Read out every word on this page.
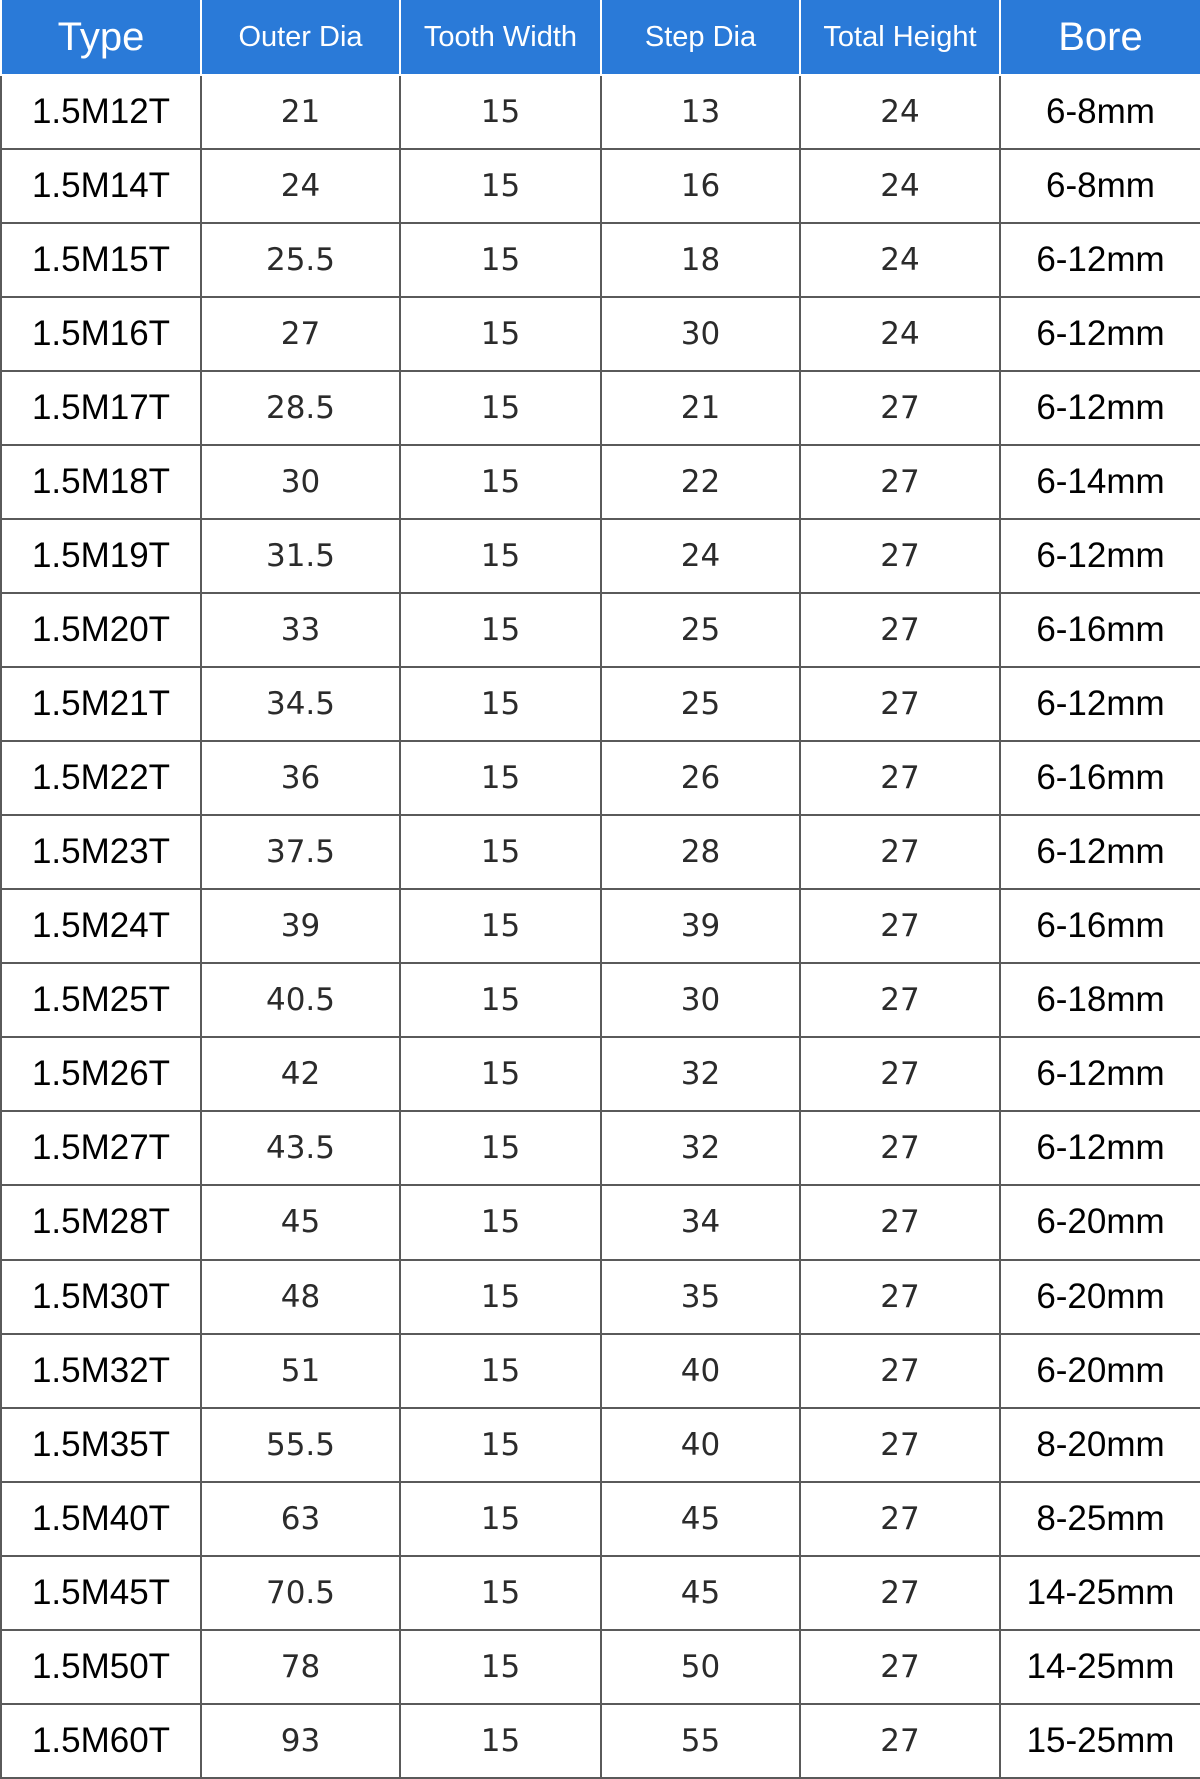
Type	Outer Dia	Tooth Width	Step Dia	Total Height	Bore
1.5M12T	21	15	13	24	6-8mm
1.5M14T	24	15	16	24	6-8mm
1.5M15T	25.5	15	18	24	6-12mm
1.5M16T	27	15	30	24	6-12mm
1.5M17T	28.5	15	21	27	6-12mm
1.5M18T	30	15	22	27	6-14mm
1.5M19T	31.5	15	24	27	6-12mm
1.5M20T	33	15	25	27	6-16mm
1.5M21T	34.5	15	25	27	6-12mm
1.5M22T	36	15	26	27	6-16mm
1.5M23T	37.5	15	28	27	6-12mm
1.5M24T	39	15	39	27	6-16mm
1.5M25T	40.5	15	30	27	6-18mm
1.5M26T	42	15	32	27	6-12mm
1.5M27T	43.5	15	32	27	6-12mm
1.5M28T	45	15	34	27	6-20mm
1.5M30T	48	15	35	27	6-20mm
1.5M32T	51	15	40	27	6-20mm
1.5M35T	55.5	15	40	27	8-20mm
1.5M40T	63	15	45	27	8-25mm
1.5M45T	70.5	15	45	27	14-25mm
1.5M50T	78	15	50	27	14-25mm
1.5M60T	93	15	55	27	15-25mm
